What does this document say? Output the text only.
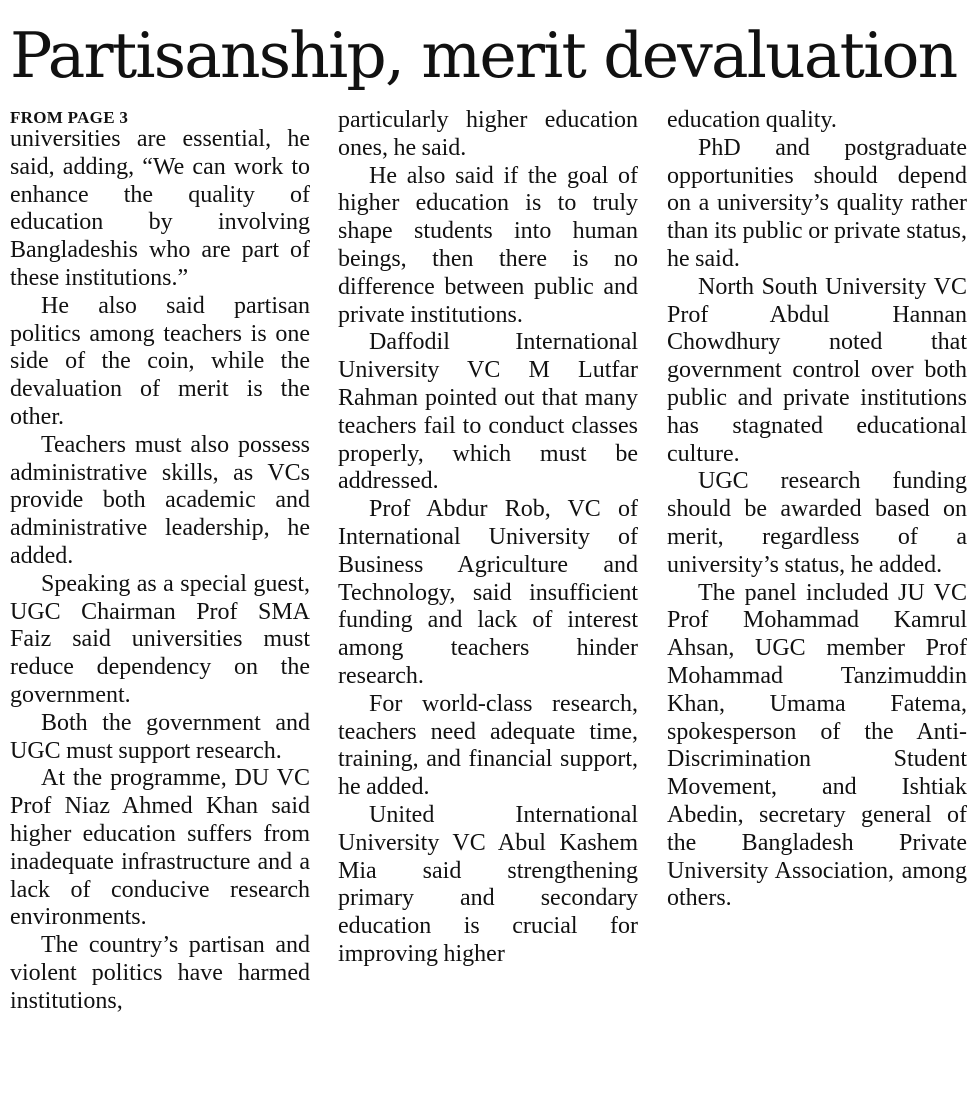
Partisanship, merit devaluation
FROM PAGE 3

universities are essential, he said, adding, “We can work to enhance the quality of education by involving Bangladeshis who are part of these institutions.”

He also said partisan politics among teachers is one side of the coin, while the devaluation of merit is the other.

Teachers must also possess administrative skills, as VCs provide both academic and administrative leadership, he added.

Speaking as a special guest, UGC Chairman Prof SMA Faiz said universities must reduce dependency on the government.

Both the government and UGC must support research.

At the programme, DU VC Prof Niaz Ahmed Khan said higher education suffers from inadequate infrastructure and a lack of conducive research environments.

The country’s partisan and violent politics have harmed institutions,

particularly higher education ones, he said.

He also said if the goal of higher education is to truly shape students into human beings, then there is no difference between public and private institutions.

Daffodil International University VC M Lutfar Rahman pointed out that many teachers fail to conduct classes properly, which must be addressed.

Prof Abdur Rob, VC of International University of Business Agriculture and Technology, said insufficient funding and lack of interest among teachers hinder research.

For world-class research, teachers need adequate time, training, and financial support, he added.

United International University VC Abul Kashem Mia said strengthening primary and secondary education is crucial for improving higher

education quality.

PhD and postgraduate opportunities should depend on a university’s quality rather than its public or private status, he said.

North South University VC Prof Abdul Hannan Chowdhury noted that government control over both public and private institutions has stagnated educational culture.

UGC research funding should be awarded based on merit, regardless of a university’s status, he added.

The panel included JU VC Prof Mohammad Kamrul Ahsan, UGC member Prof Mohammad Tanzimuddin Khan, Umama Fatema, spokesperson of the Anti-Discrimination Student Movement, and Ishtiak Abedin, secretary general of the Bangladesh Private University Association, among others.
